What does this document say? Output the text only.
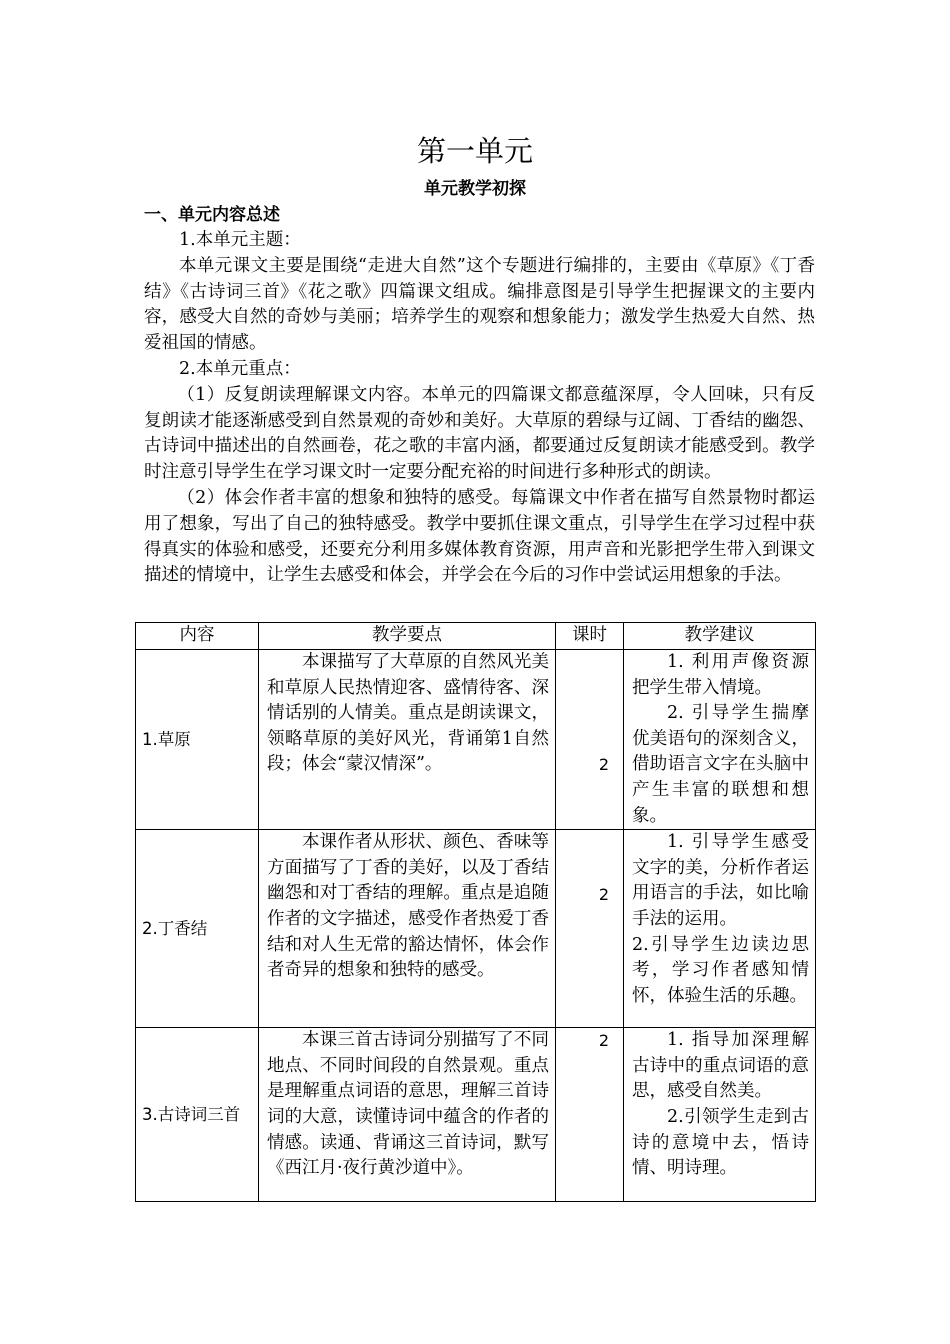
第一单元
单元教学初探
一、单元内容总述

1.本单元主题：

本单元课文主要是围绕“走进大自然”这个专题进行编排的，主要由《草原》《丁香结》《古诗词三首》《花之歌》四篇课文组成。编排意图是引导学生把握课文的主要内容，感受大自然的奇妙与美丽；培养学生的观察和想象能力；激发学生热爱大自然、热爱祖国的情感。

2.本单元重点：

（1）反复朗读理解课文内容。本单元的四篇课文都意蕴深厚，令人回味，只有反复朗读才能逐渐感受到自然景观的奇妙和美好。大草原的碧绿与辽阔、丁香结的幽怨、古诗词中描述出的自然画卷，花之歌的丰富内涵，都要通过反复朗读才能感受到。教学时注意引导学生在学习课文时一定要分配充裕的时间进行多种形式的朗读。

（2）体会作者丰富的想象和独特的感受。每篇课文中作者在描写自然景物时都运用了想象，写出了自己的独特感受。教学中要抓住课文重点，引导学生在学习过程中获得真实的体验和感受，还要充分利用多媒体教育资源，用声音和光影把学生带入到课文描述的情境中，让学生去感受和体会，并学会在今后的习作中尝试运用想象的手法。

内容	教学要点	课时	教学建议
1.草原	本课描写了大草原的自然风光美和草原人民热情迎客、盛情待客、深情话别的人情美。重点是朗读课文，领略草原的美好风光，背诵第1自然段；体会“蒙汉情深”。	2	1. 利用声像资源把学生带入情境。

2. 引导学生揣摩优美语句的深刻含义，借助语言文字在头脑中产生丰富的联想和想象。

2.丁香结	本课作者从形状、颜色、香味等方面描写了丁香的美好，以及丁香结幽怨和对丁香结的理解。重点是追随作者的文字描述，感受作者热爱丁香结和对人生无常的豁达情怀，体会作者奇异的想象和独特的感受。	2	1. 引导学生感受文字的美，分析作者运用语言的手法，如比喻手法的运用。

2.引导学生边读边思考，学习作者感知情怀，体验生活的乐趣。

3.古诗词三首	本课三首古诗词分别描写了不同地点、不同时间段的自然景观。重点是理解重点词语的意思，理解三首诗词的大意，读懂诗词中蕴含的作者的情感。读通、背诵这三首诗词，默写《西江月·夜行黄沙道中》。	2	1. 指导加深理解古诗中的重点词语的意思，感受自然美。

2.引领学生走到古诗的意境中去，悟诗情、明诗理。
